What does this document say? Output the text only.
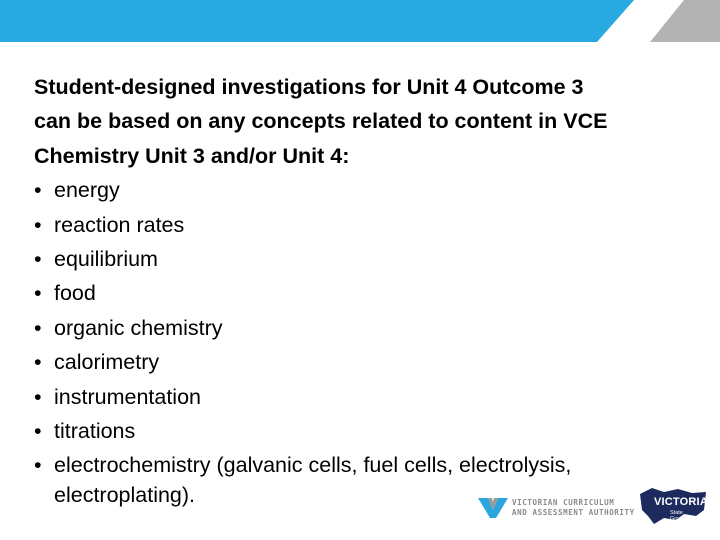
Student-designed investigations for Unit 4 Outcome 3
can be based on any concepts related to content in VCE
Chemistry Unit 3 and/or Unit 4:

• energy
• reaction rates
• equilibrium
• food
• organic chemistry
• calorimetry
• instrumentation
• titrations
• electrochemistry (galvanic cells, fuel cells, electrolysis,
electroplating).	VICTORIAN CURRICULUM
AND ASSESSMENT AUTHORITY
VICTORIA
State
Government
